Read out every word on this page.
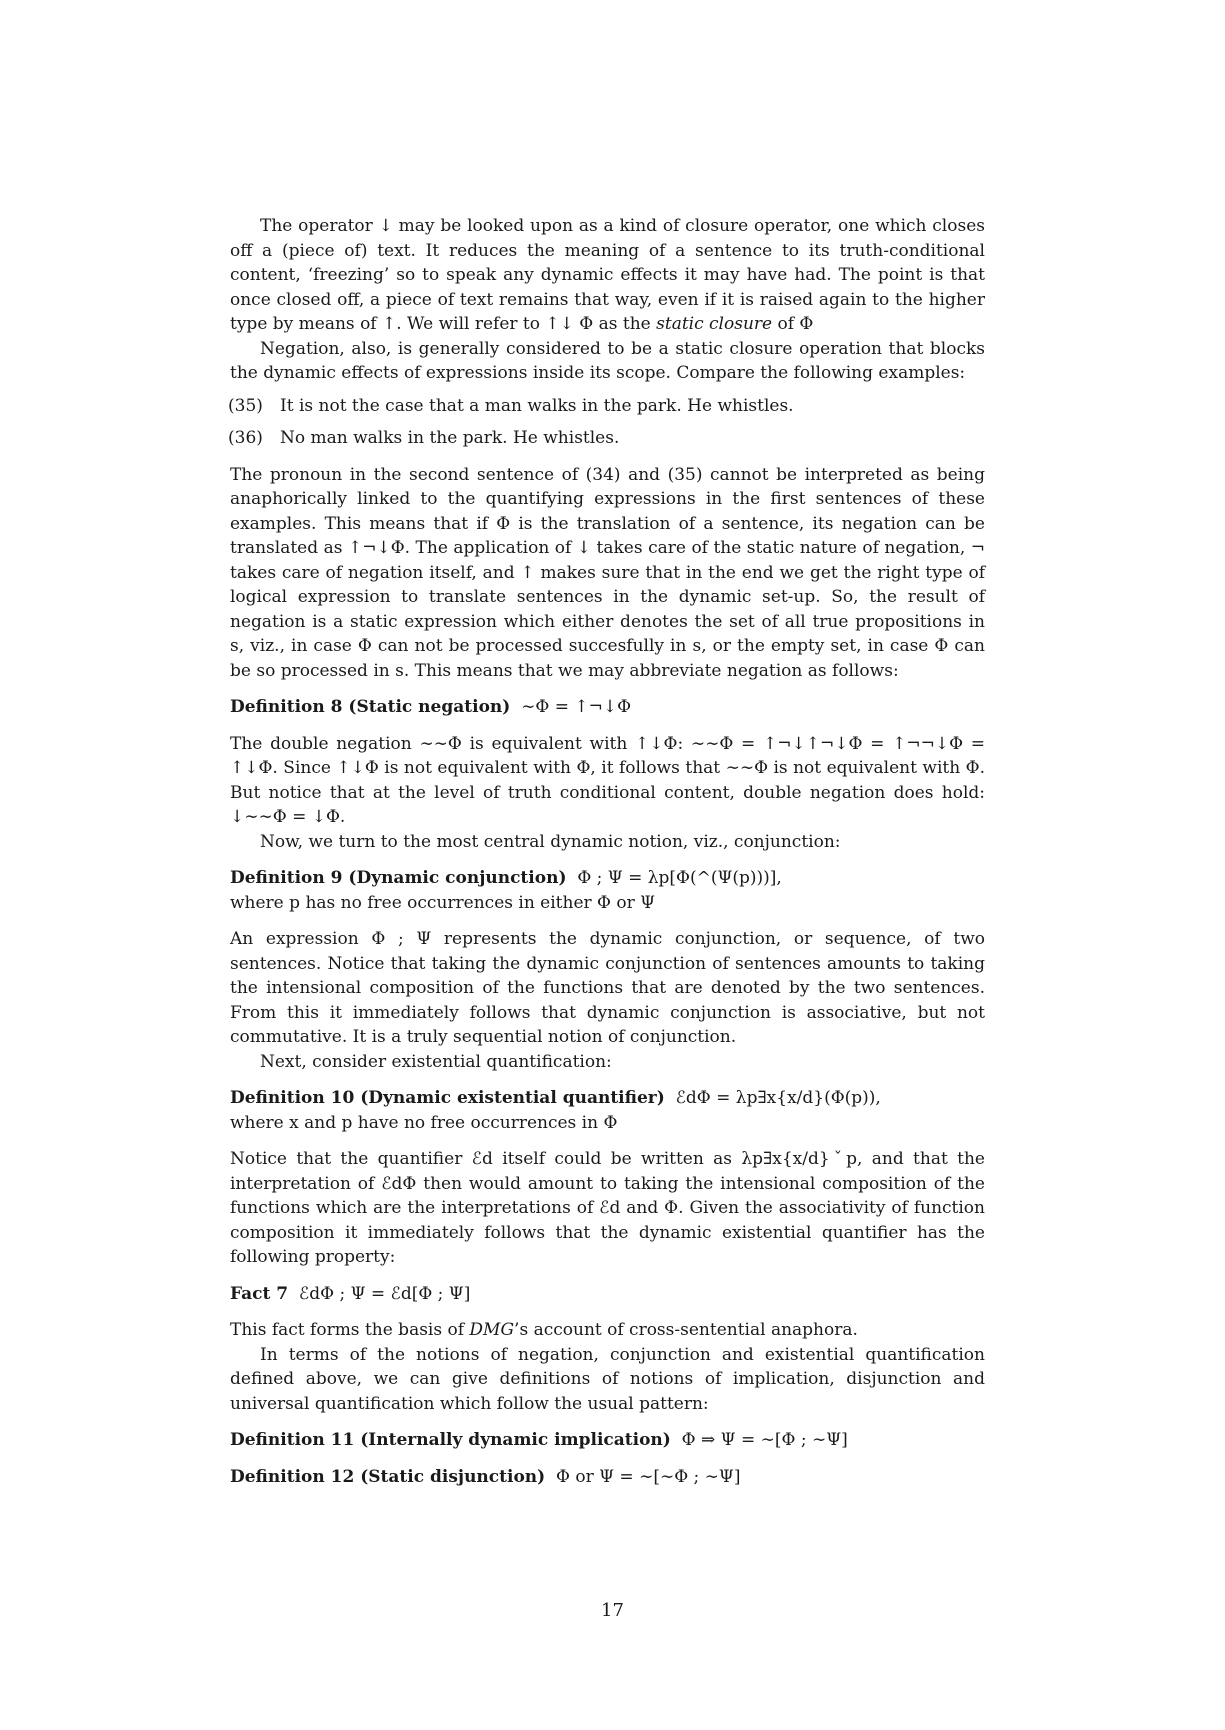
The operator ↓ may be looked upon as a kind of closure operator, one which closes off a (piece of) text. It reduces the meaning of a sentence to its truth-conditional content, ‘freezing’ so to speak any dynamic effects it may have had. The point is that once closed off, a piece of text remains that way, even if it is raised again to the higher type by means of ↑. We will refer to ↑↓ Φ as the static closure of Φ

Negation, also, is generally considered to be a static closure operation that blocks the dynamic effects of expressions inside its scope. Compare the following examples:

(35)	It is not the case that a man walks in the park. He whistles.
(36)	No man walks in the park. He whistles.

The pronoun in the second sentence of (34) and (35) cannot be interpreted as being anaphorically linked to the quantifying expressions in the first sentences of these examples. This means that if Φ is the translation of a sentence, its negation can be translated as ↑¬↓Φ. The application of ↓ takes care of the static nature of negation, ¬ takes care of negation itself, and ↑ makes sure that in the end we get the right type of logical expression to translate sentences in the dynamic set-up. So, the result of negation is a static expression which either denotes the set of all true propositions in s, viz., in case Φ can not be processed succesfully in s, or the empty set, in case Φ can be so processed in s. This means that we may abbreviate negation as follows:

Definition 8 (Static negation) ∼Φ = ↑¬↓Φ

The double negation ∼∼Φ is equivalent with ↑↓Φ: ∼∼Φ = ↑¬↓↑¬↓Φ = ↑¬¬↓Φ = ↑↓Φ. Since ↑↓Φ is not equivalent with Φ, it follows that ∼∼Φ is not equivalent with Φ. But notice that at the level of truth conditional content, double negation does hold: ↓∼∼Φ = ↓Φ.

Now, we turn to the most central dynamic notion, viz., conjunction:

Definition 9 (Dynamic conjunction) Φ ; Ψ = λp[Φ(^(Ψ(p)))],
where p has no free occurrences in either Φ or Ψ

An expression Φ ; Ψ represents the dynamic conjunction, or sequence, of two sentences. Notice that taking the dynamic conjunction of sentences amounts to taking the intensional composition of the functions that are denoted by the two sentences. From this it immediately follows that dynamic conjunction is associative, but not commutative. It is a truly sequential notion of conjunction.

Next, consider existential quantification:

Definition 10 (Dynamic existential quantifier) ℰdΦ = λp∃x{x/d}(Φ(p)),
where x and p have no free occurrences in Φ

Notice that the quantifier ℰd itself could be written as λp∃x{x/d}ˇp, and that the interpretation of ℰdΦ then would amount to taking the intensional composition of the functions which are the interpretations of ℰd and Φ. Given the associativity of function composition it immediately follows that the dynamic existential quantifier has the following property:

Fact 7 ℰdΦ ; Ψ = ℰd[Φ ; Ψ]

This fact forms the basis of DMG’s account of cross-sentential anaphora.

In terms of the notions of negation, conjunction and existential quantification defined above, we can give definitions of notions of implication, disjunction and universal quantification which follow the usual pattern:

Definition 11 (Internally dynamic implication) Φ ⇒ Ψ = ∼[Φ ; ∼Ψ]

Definition 12 (Static disjunction) Φ or Ψ = ∼[∼Φ ; ∼Ψ]

17
